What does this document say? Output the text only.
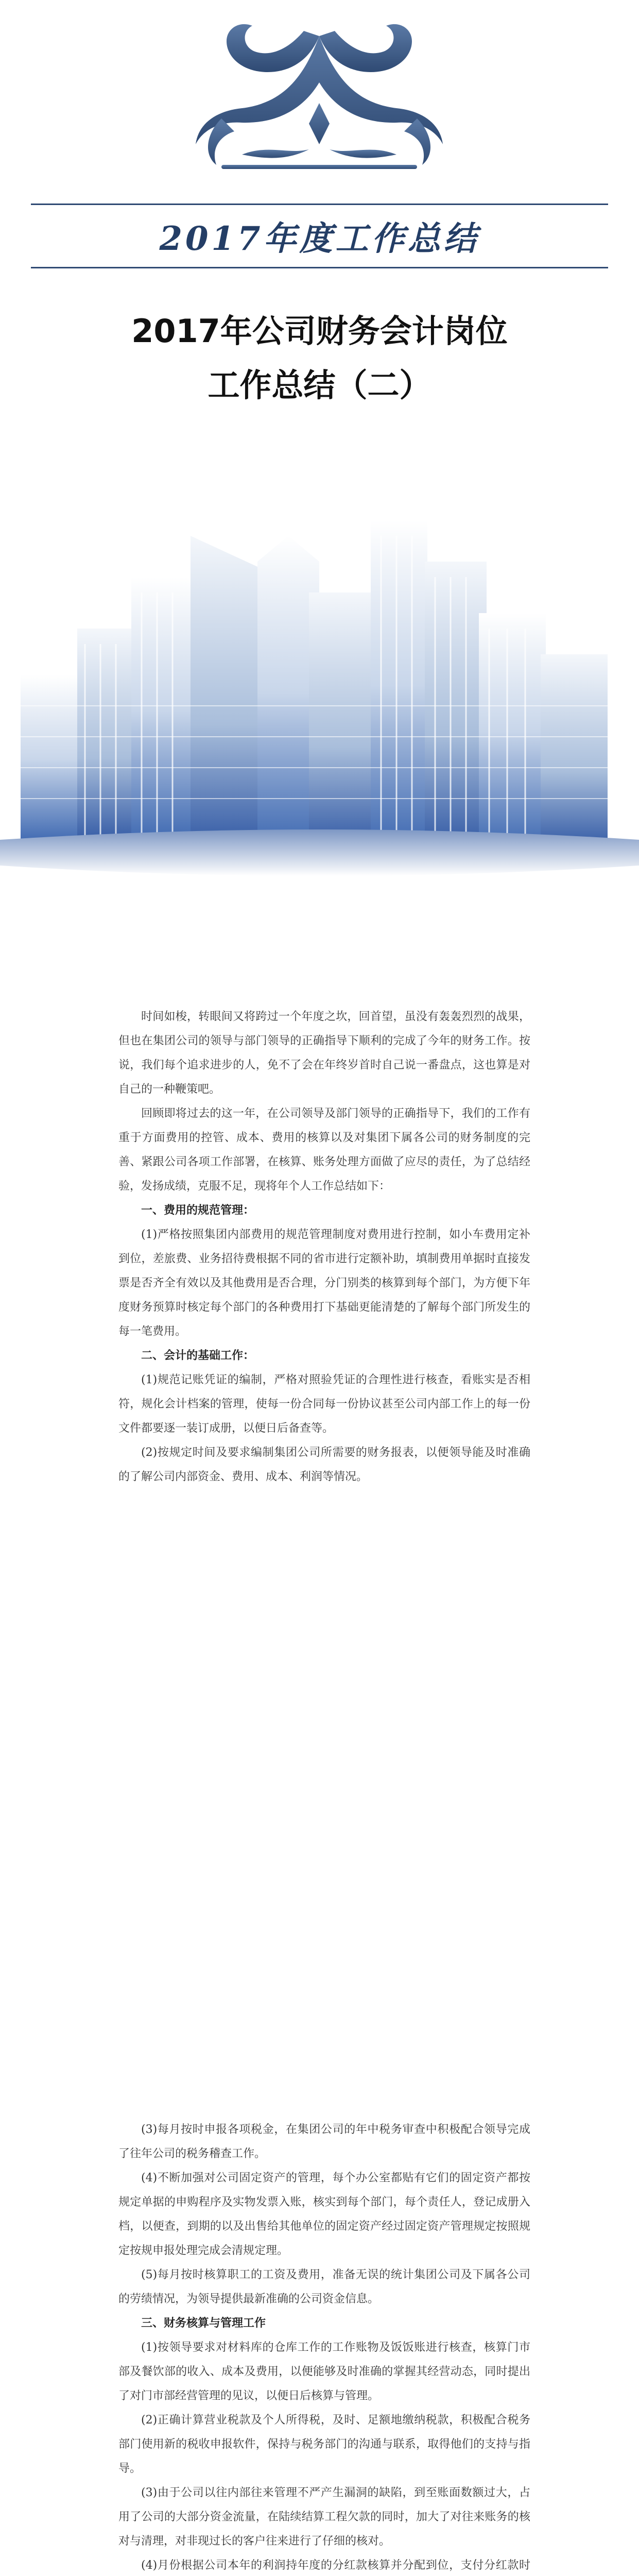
2017年度工作总结
2017年公司财务会计岗位
工作总结（二）

时间如梭，转眼间又将跨过一个年度之坎，回首望，虽没有轰轰烈烈的战果，但也在集团公司的领导与部门领导的正确指导下顺利的完成了今年的财务工作。按说，我们每个追求进步的人，免不了会在年终岁首时自己说一番盘点，这也算是对自己的一种鞭策吧。

回顾即将过去的这一年，在公司领导及部门领导的正确指导下，我们的工作有重于方面费用的控管、成本、费用的核算以及对集团下属各公司的财务制度的完善、紧跟公司各项工作部署，在核算、账务处理方面做了应尽的责任，为了总结经验，发扬成绩，克服不足，现将年个人工作总结如下：

一、费用的规范管理：

(1)严格按照集团内部费用的规范管理制度对费用进行控制，如小车费用定补到位，差旅费、业务招待费根据不同的省市进行定额补助，填制费用单据时直接发票是否齐全有效以及其他费用是否合理，分门别类的核算到每个部门，为方便下年度财务预算时核定每个部门的各种费用打下基础更能清楚的了解每个部门所发生的每一笔费用。

二、会计的基础工作：

(1)规范记账凭证的编制，严格对照验凭证的合理性进行核查，看账实是否相符，规化会计档案的管理，使每一份合同每一份协议甚至公司内部工作上的每一份文件都要逐一装订成册，以便日后备查等。

(2)按规定时间及要求编制集团公司所需要的财务报表，以便领导能及时准确的了解公司内部资金、费用、成本、利润等情况。

(3)每月按时申报各项税金，在集团公司的年中税务审查中积极配合领导完成了往年公司的税务稽查工作。

(4)不断加强对公司固定资产的管理，每个办公室都贴有它们的固定资产都按规定单据的申购程序及实物发票入账，核实到每个部门，每个责任人，登记成册入档，以便查，到期的以及出售给其他单位的固定资产经过固定资产管理规定按照规定按规申报处理完成会清规定理。

(5)每月按时核算职工的工资及费用，准备无误的统计集团公司及下属各公司的劳绩情况，为领导提供最新准确的公司资金信息。

三、财务核算与管理工作

(1)按领导要求对材料库的仓库工作的工作账物及饭饭账进行核查，核算门市部及餐饮部的收入、成本及费用，以便能够及时准确的掌握其经营动态，同时提出了对门市部经营管理的见议，以便日后核算与管理。

(2)正确计算营业税款及个人所得税，及时、足额地缴纳税款，积极配合税务部门使用新的税收申报软件，保持与税务部门的沟通与联系，取得他们的支持与指导。

(3)由于公司以往内部往来管理不严产生漏洞的缺陷，到至账面数额过大，占用了公司的大部分资金流量，在陆续结算工程欠款的同时，加大了对往来账务的核对与清理，对非现过长的客户往来进行了仔细的核对。

(4)月份根据公司本年的利润持年度的分红款核算并分配到位，支付分红款时
